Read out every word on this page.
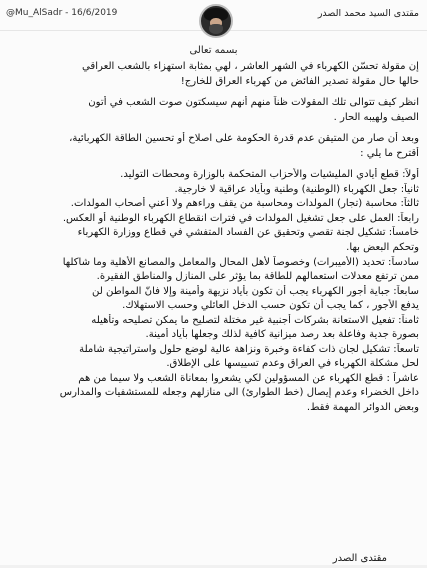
@Mu_AlSadr - 16/6/2019	مقتدى السيد محمد الصدر
بسمه تعالى
إن مقولة تحسّن الكهرباء في الشهر العاشر ، لهي بمثابة استهزاء بالشعب العراقي
حالها حال مقولة تصدير الفائض من كهرباء العراق للخارج!
انظر كيف تتوالى تلك المقولات ظناً منهم أنهم سيسكتون صوت الشعب في أتون
الصيف ولهيبه الحار .
وبعد أن صار من المتيقن عدم قدرة الحكومة على اصلاح أو تحسين الطاقة الكهربائية،
أقترح ما يلي :
أولاً: قطع أيادي المليشيات والأحزاب المتحكمة بالوزارة ومحطات التوليد.
ثانياً: جعل الكهرباء (الوطنية) وطنية وبأياد عراقية لا خارجية.
ثالثاً: محاسبة (تجار) المولدات ومحاسبة من يقف وراءهم ولا أعني أصحاب المولدات.
رابعاً: العمل على جعل تشغيل المولدات في فترات انقطاع الكهرباء الوطنية أو العكس.
خامساً: تشكيل لجنة تقصي وتحقيق عن الفساد المتفشي في قطاع ووزارة الكهرباء
وتحكم البعض بها.
سادساً: تحديد (الأميبرات) وخصوصاً لأهل المحال والمعامل والمصانع الأهلية وما شاكلها
ممن ترتفع معدلات استعمالهم للطاقة بما يؤثر على المنازل والمناطق الفقيرة.
سابعاً: جباية أجور الكهرباء يجب أن تكون بأياد نزيهة وأمينة وإلا فانّ المواطن لن
يدفع الأجور ، كما يجب أن تكون حسب الدخل العائلي وحسب الاستهلاك.
ثامناً: تفعيل الاستعانة بشركات أجنبية غير مختلة لتصليح ما يمكن تصليحه وتأهيله
بصورة جدية وفاعلة بعد رصد ميزانية كافية لذلك وجعلها بأياد أمينة.
تاسعاً: تشكيل لجان ذات كفاءة وخبرة ونزاهة عالية لوضع حلول واستراتيجية شاملة
لحل مشكلة الكهرباء في العراق وعدم تسييسها على الإطلاق.
عاشراً : قطع الكهرباء عن المسؤولين لكي يشعروا بمعاناة الشعب ولا سيما من هم
داخل الخضراء وعدم إيصال (خط الطوارئ) الى منازلهم وجعله للمستشفيات والمدارس
وبعض الدوائر المهمة فقط.
مقتدى الصدر
